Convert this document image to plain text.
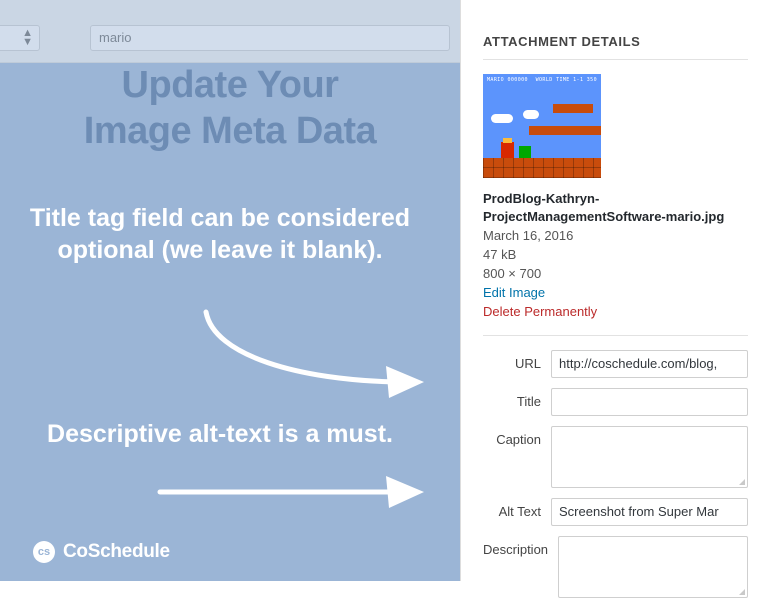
▲
▼	mario
Update Your
Image Meta Data
Title tag field can be considered optional (we leave it blank).
Descriptive alt-text is a must.
cs CoSchedule
ATTACHMENT DETAILS
MARIO 000000 WORLD TIME 1-1 350
ProdBlog-Kathryn-ProjectManagementSoftware-mario.jpg
March 16, 2016
47 kB
800 × 700
Edit Image
Delete Permanently
URL	http://coschedule.com/blog,
Title

Caption
Alt Text	Screenshot from Super Mar
Description
